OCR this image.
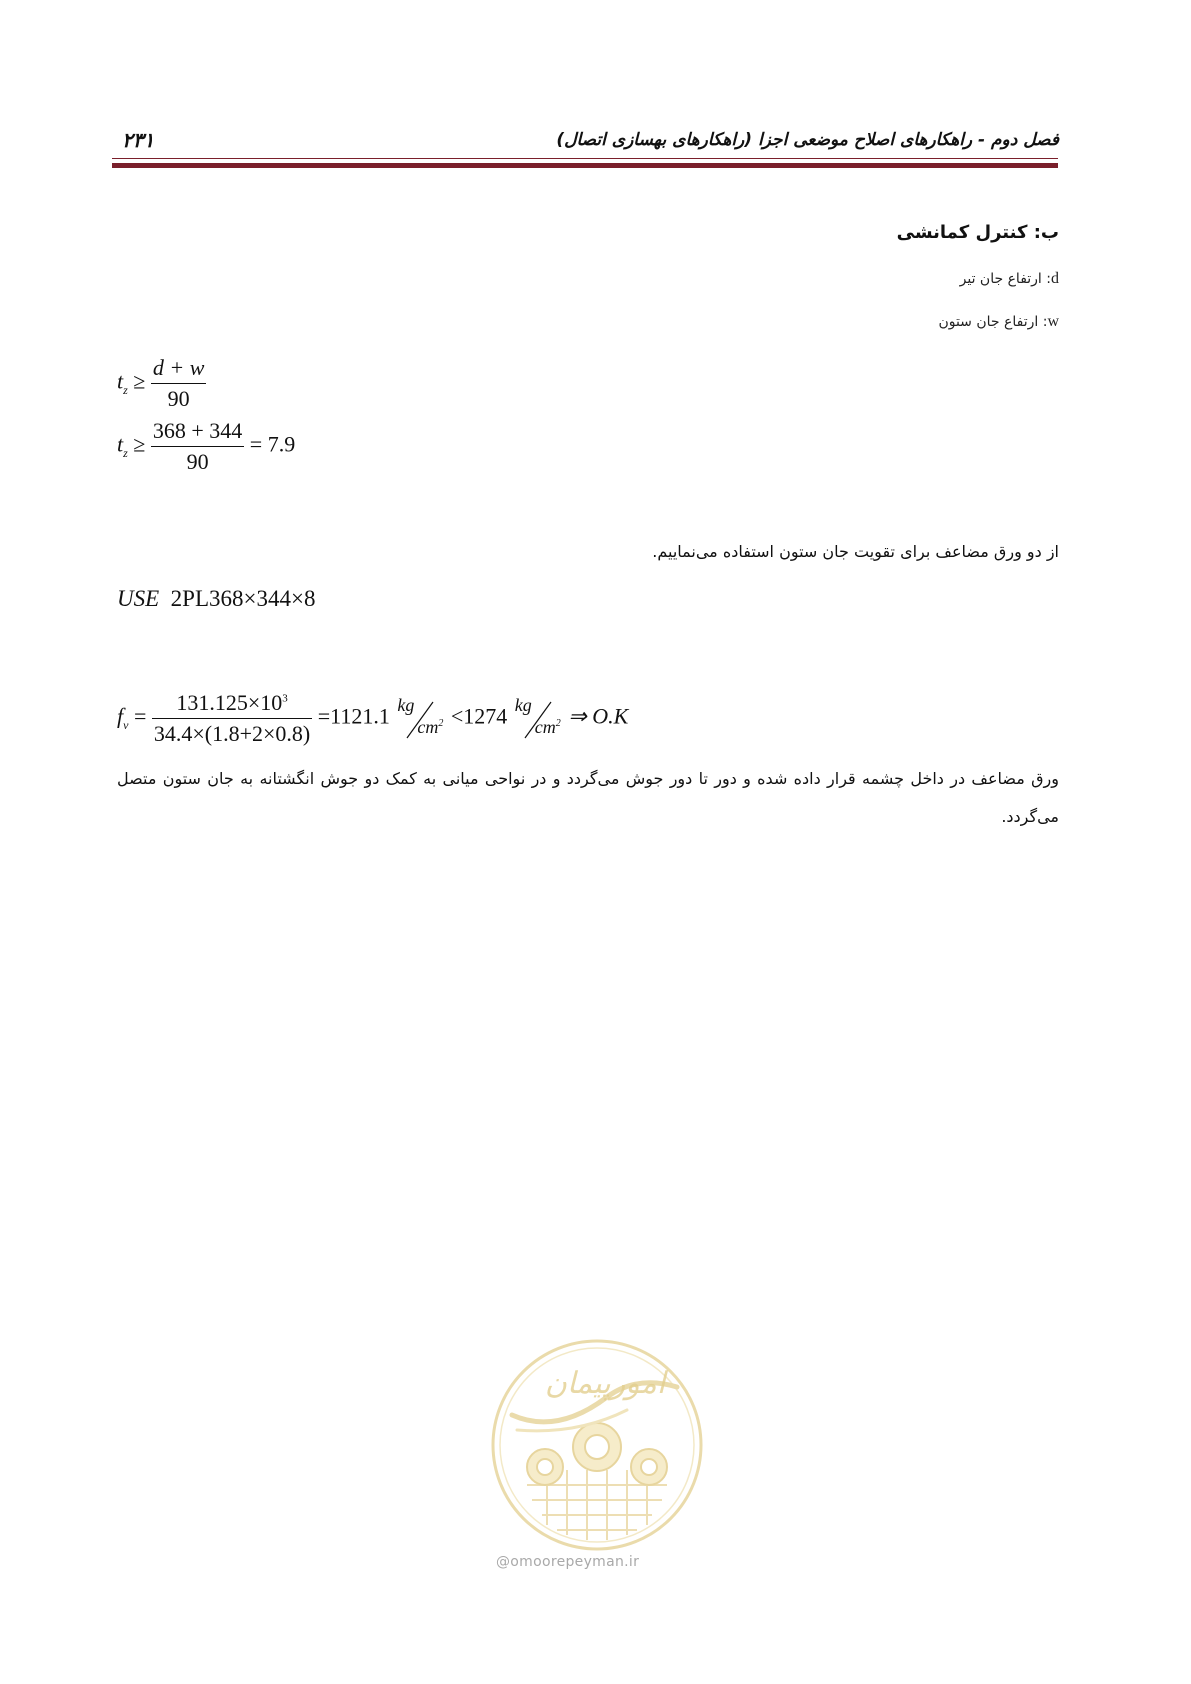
۲۳۱	فصل دوم - راهکارهای اصلاح موضعی اجزا (راهکارهای بهسازی اتصال)
ب: کنترل کمانشی
d: ارتفاع جان تیر
w: ارتفاع جان ستون
$t_z \ge \frac{d + w}{90}$
$t_z \ge \frac{368 + 344}{90} = 7.9$
از دو ورق مضاعف برای تقویت جان ستون استفاده می‌نماییم.
USE 2PL368×344×8
$f_v = \frac{131.125\times 10^3}{34.4\times(1.8+2\times 0.8)} =1121.1$ kg
$cm^2 <1274$ kg
$cm^2$ ⇒ O.K
ورق مضاعف در داخل چشمه قرار داده شده و دور تا دور جوش می‌گردد و در نواحی میانی به کمک دو جوش انگشتانه به جان ستون متصل می‌گردد.
امورپیمان
@omoorepeyman.ir
